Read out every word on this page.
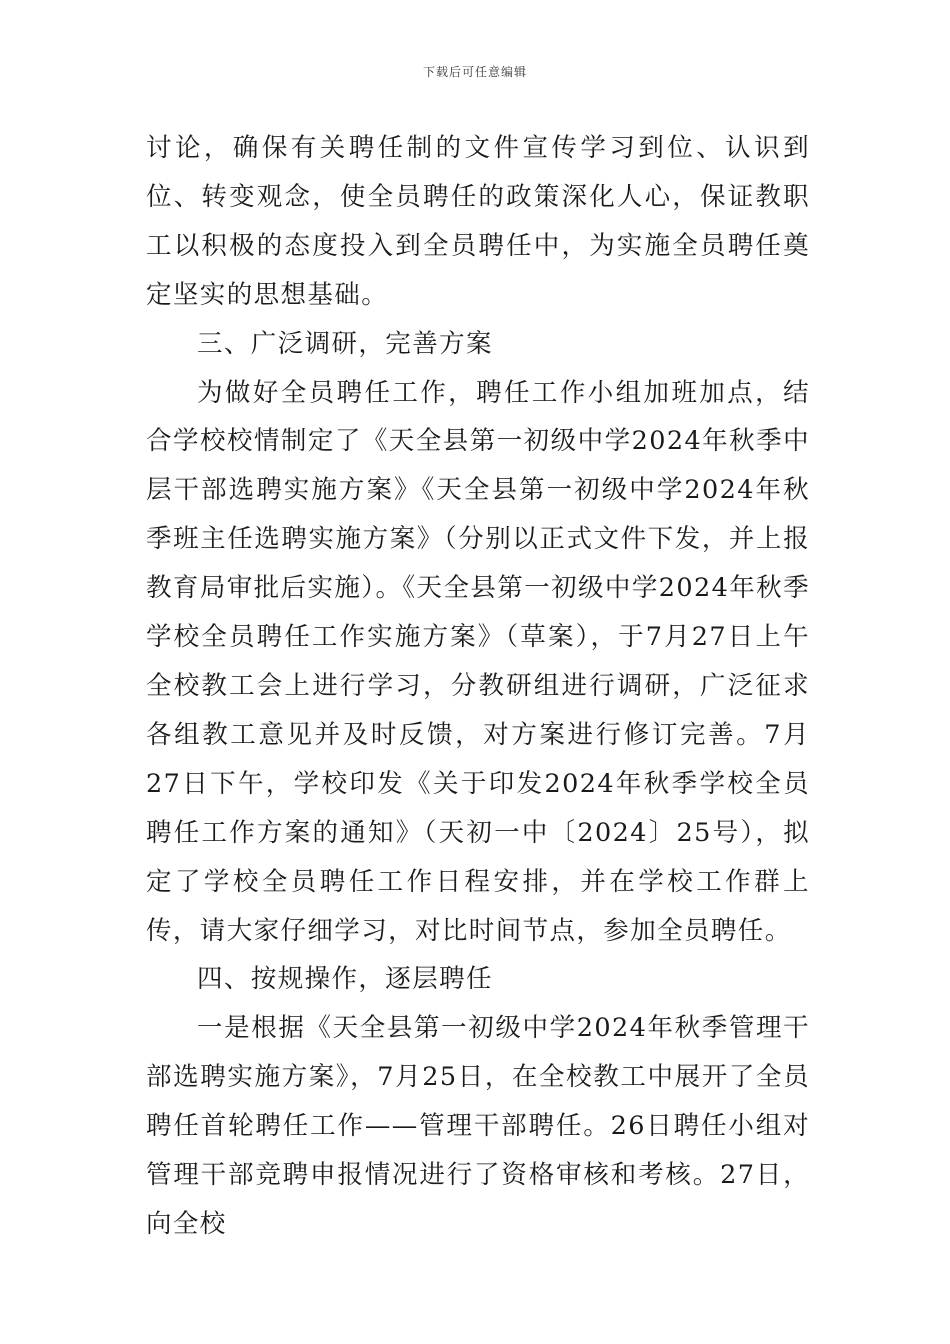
下载后可任意编辑

讨论，确保有关聘任制的文件宣传学习到位、认识到位、转变观念，使全员聘任的政策深化人心，保证教职工以积极的态度投入到全员聘任中，为实施全员聘任奠定坚实的思想基础。

三、广泛调研，完善方案

为做好全员聘任工作，聘任工作小组加班加点，结合学校校情制定了《天全县第一初级中学2024年秋季中层干部选聘实施方案》《天全县第一初级中学2024年秋季班主任选聘实施方案》（分别以正式文件下发，并上报教育局审批后实施）。《天全县第一初级中学2024年秋季学校全员聘任工作实施方案》（草案），于7月27日上午全校教工会上进行学习，分教研组进行调研，广泛征求各组教工意见并及时反馈，对方案进行修订完善。7月27日下午，学校印发《关于印发2024年秋季学校全员聘任工作方案的通知》（天初一中〔2024〕25号），拟定了学校全员聘任工作日程安排，并在学校工作群上传，请大家仔细学习，对比时间节点，参加全员聘任。

四、按规操作，逐层聘任

一是根据《天全县第一初级中学2024年秋季管理干部选聘实施方案》，7月25日，在全校教工中展开了全员聘任首轮聘任工作——管理干部聘任。26日聘任小组对管理干部竞聘申报情况进行了资格审核和考核。27日，向全校
